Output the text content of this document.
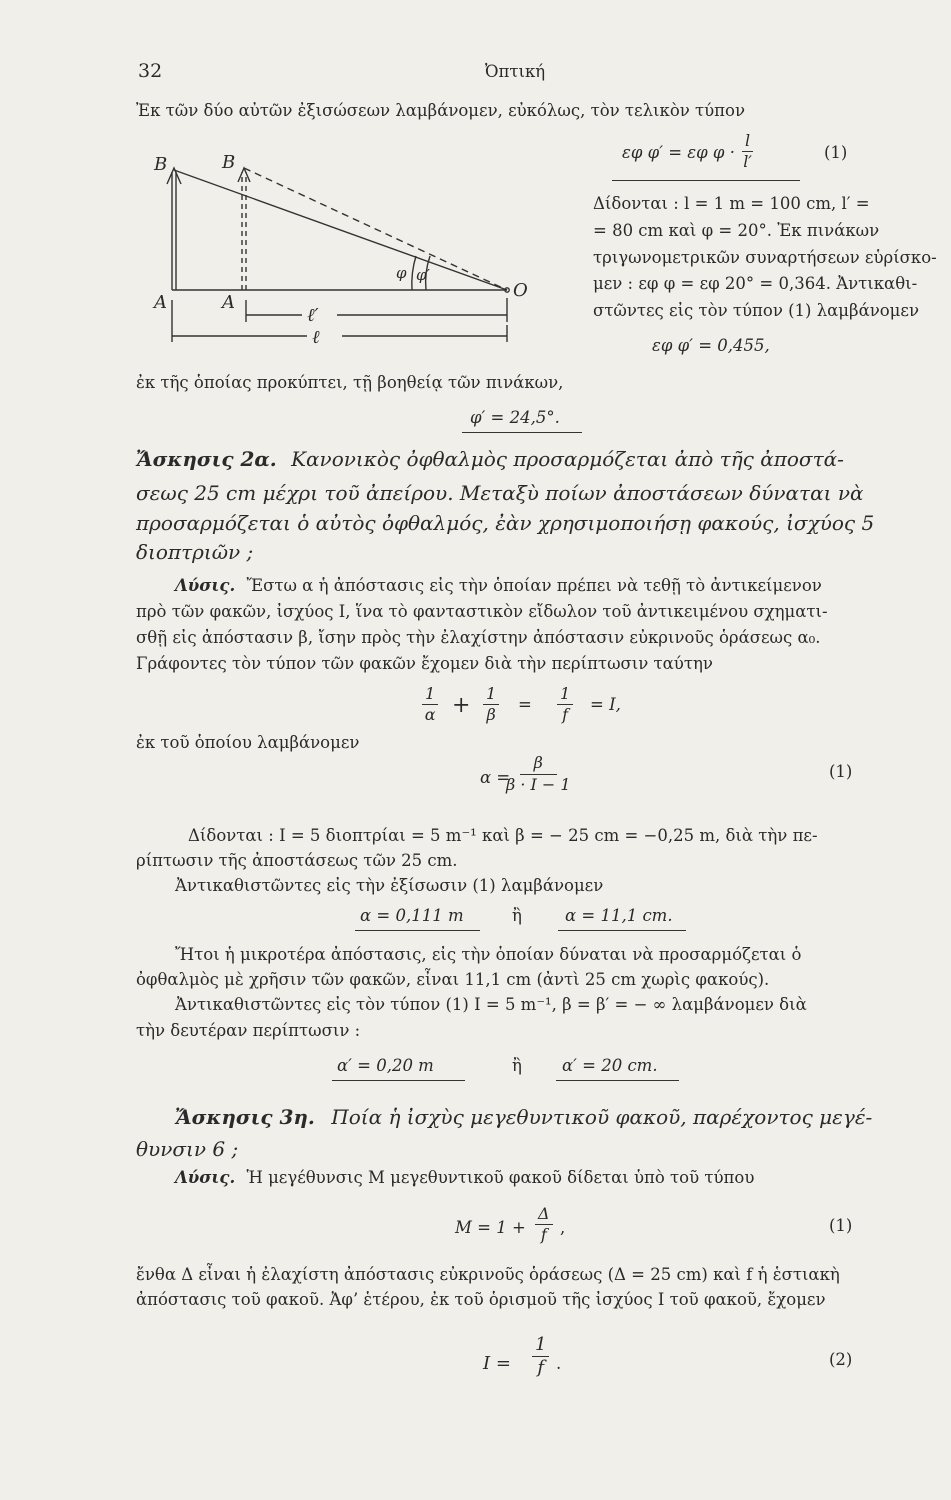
32	Ὀπτική
Ἐκ τῶν δύο αὐτῶν ἐξισώσεων λαμβάνομεν, εὐκόλως, τὸν τελικὸν τύπον
B	B
A	A
O
φ φ′
ℓ′
ℓ
εφ φ′ = εφ $\varphi \cdot \frac{l}{l'}$	(1)
Δίδονται : l = 1 m = 100 cm, l′ =
= 80 cm καὶ φ = 20°. Ἐκ πινάκων
τριγωνομετρικῶν συναρτήσεων εὑρίσκο-
μεν : εφ φ = εφ 20° = 0,364. Ἀντικαθι-
στῶντες εἰς τὸν τύπον (1) λαμβάνομεν
εφ φ′ = 0,455,
ἐκ τῆς ὁποίας προκύπτει, τῇ βοηθείᾳ τῶν πινάκων,
φ′ = 24,5°.
Ἄσκησις 2α. Κανονικὸς ὀφθαλμὸς προσαρμόζεται ἀπὸ τῆς ἀποστά-
σεως 25 cm μέχρι τοῦ ἀπείρου. Μεταξὺ ποίων ἀποστάσεων δύναται νὰ
προσαρμόζεται ὁ αὐτὸς ὀφθαλμός, ἐὰν χρησιμοποιήσῃ φακούς, ἰσχύος 5
διοπτριῶν ;
Λύσις. Ἔστω α ἡ ἀπόστασις εἰς τὴν ὁποίαν πρέπει νὰ τεθῇ τὸ ἀντικείμενον
πρὸ τῶν φακῶν, ἰσχύος I, ἵνα τὸ φανταστικὸν εἴδωλον τοῦ ἀντικειμένου σχηματι-
σθῇ εἰς ἀπόστασιν β, ἴσην πρὸς τὴν ἐλαχίστην ἀπόστασιν εὐκρινοῦς ὁράσεως α₀.
Γράφοντες τὸν τύπον τῶν φακῶν ἔχομεν διὰ τὴν περίπτωσιν ταύτην
$\frac{1}{\alpha} + \frac{1}{\beta} = \frac{1}{f} = I$,
ἐκ τοῦ ὁποίου λαμβάνομεν
α =
$\frac{\beta}{\beta \cdot I - 1}$	(1)
Δίδονται : I = 5 διοπτρίαι = 5 m⁻¹ καὶ β = − 25 cm = −0,25 m, διὰ τὴν πε-
ρίπτωσιν τῆς ἀποστάσεως τῶν 25 cm.
Ἀντικαθιστῶντες εἰς τὴν ἐξίσωσιν (1) λαμβάνομεν
α = 0,111 m	ἢ	α = 11,1 cm.
Ἤτοι ἡ μικροτέρα ἀπόστασις, εἰς τὴν ὁποίαν δύναται νὰ προσαρμόζεται ὁ
ὀφθαλμὸς μὲ χρῆσιν τῶν φακῶν, εἶναι 11,1 cm (ἀντὶ 25 cm χωρὶς φακούς).
Ἀντικαθιστῶντες εἰς τὸν τύπον (1) I = 5 m⁻¹, β = β′ = − ∞ λαμβάνομεν διὰ
τὴν δευτέραν περίπτωσιν :
α′ = 0,20 m	ἢ α′ = 20 cm.
Ἄσκησις 3η. Ποία ἡ ἰσχὺς μεγεθυντικοῦ φακοῦ, παρέχοντος μεγέ-
θυνσιν 6 ;
Λύσις. Ἡ μεγέθυνσις M μεγεθυντικοῦ φακοῦ δίδεται ὑπὸ τοῦ τύπου
$M = 1 + \frac{\Delta}{f}$ ,	(1)
ἔνθα Δ εἶναι ἡ ἐλαχίστη ἀπόστασις εὐκρινοῦς ὁράσεως (Δ = 25 cm) καὶ f ἡ ἑστιακὴ
ἀπόστασις τοῦ φακοῦ. Ἀφ’ ἑτέρου, ἐκ τοῦ ὁρισμοῦ τῆς ἰσχύος I τοῦ φακοῦ, ἔχομεν
$I = \frac{1}{f}$ .	(2)
